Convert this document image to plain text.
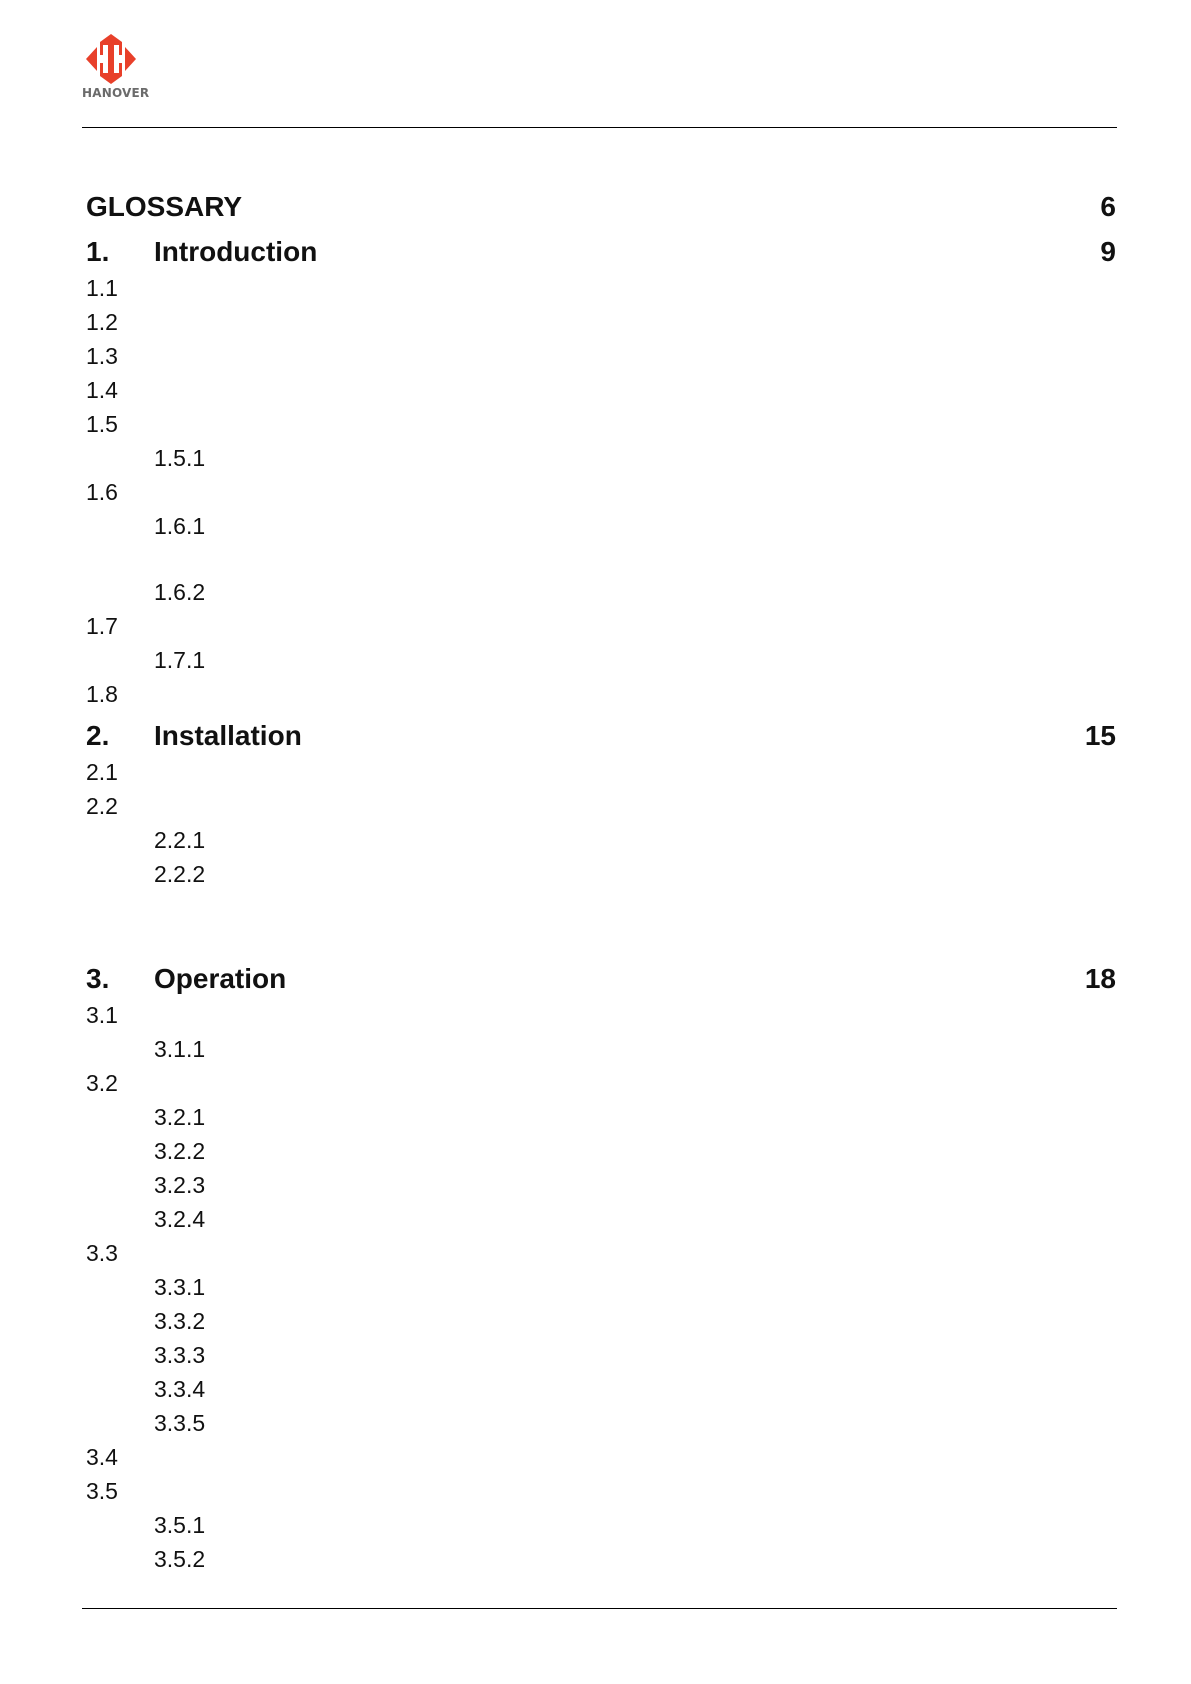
HANOVER
GLOSSARY	6
1. Introduction	9
1.1
1.2
1.3
1.4
1.5
1.5.1
1.6
1.6.1
1.6.2
1.7
1.7.1
1.8
2. Installation	15
2.1
2.2
2.2.1
2.2.2
3. Operation	18
3.1
3.1.1
3.2
3.2.1
3.2.2
3.2.3
3.2.4
3.3
3.3.1
3.3.2
3.3.3
3.3.4
3.3.5
3.4
3.5
3.5.1
3.5.2
